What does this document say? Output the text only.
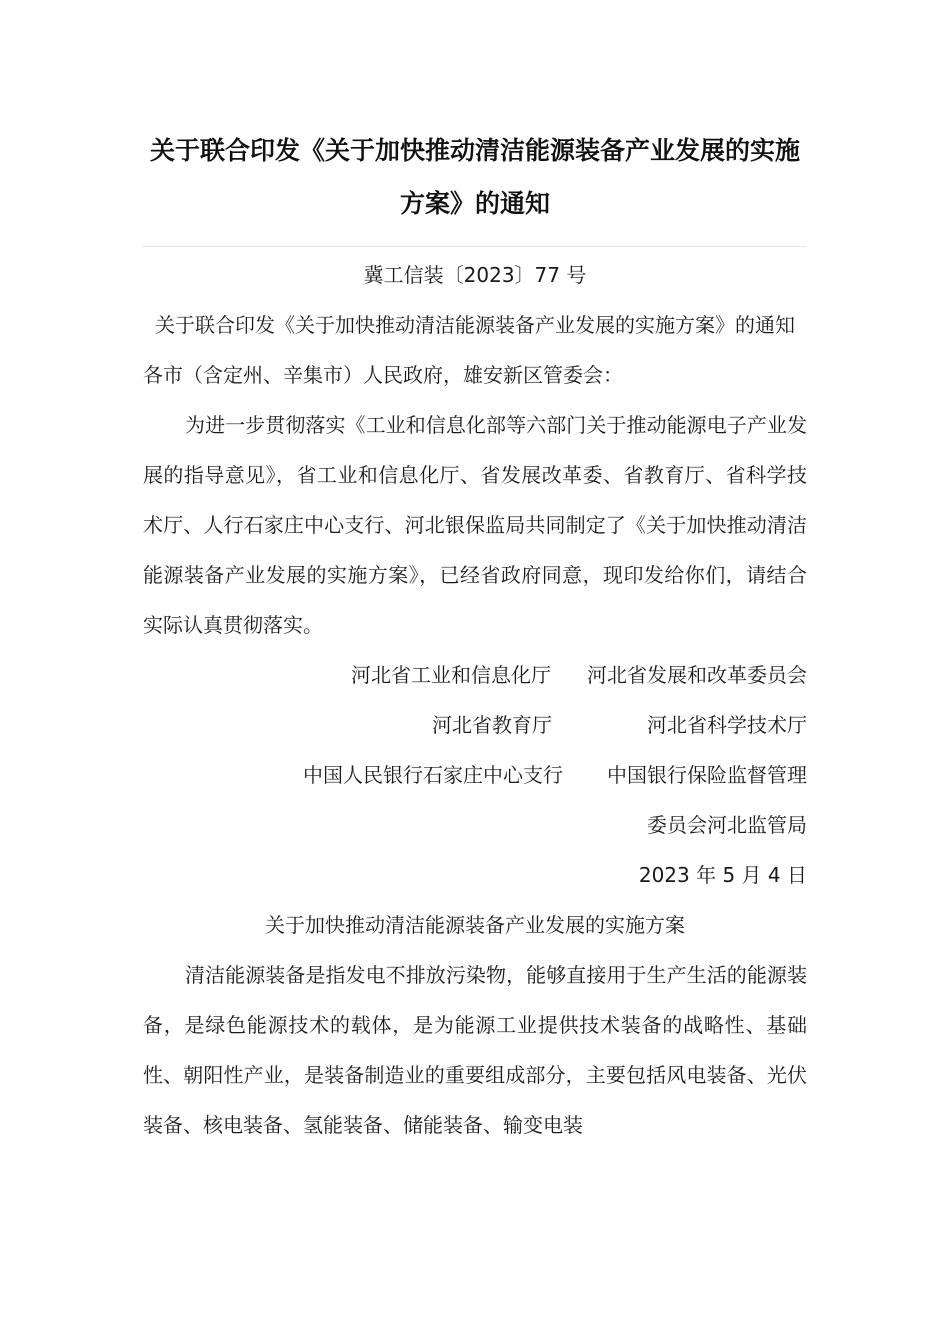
关于联合印发《关于加快推动清洁能源装备产业发展的实施方案》的通知

冀工信装〔2023〕77 号

关于联合印发《关于加快推动清洁能源装备产业发展的实施方案》的通知

各市（含定州、辛集市）人民政府，雄安新区管委会：

为进一步贯彻落实《工业和信息化部等六部门关于推动能源电子产业发展的指导意见》，省工业和信息化厅、省发展改革委、省教育厅、省科学技术厅、人行石家庄中心支行、河北银保监局共同制定了《关于加快推动清洁能源装备产业发展的实施方案》，已经省政府同意，现印发给你们，请结合实际认真贯彻落实。

河北省工业和信息化厅 河北省发展和改革委员会

河北省教育厅	河北省科学技术厅

中国人民银行石家庄中心支行 中国银行保险监督管理

委员会河北监管局

2023 年 5 月 4 日

关于加快推动清洁能源装备产业发展的实施方案

清洁能源装备是指发电不排放污染物，能够直接用于生产生活的能源装备，是绿色能源技术的载体，是为能源工业提供技术装备的战略性、基础性、朝阳性产业，是装备制造业的重要组成部分，主要包括风电装备、光伏装备、核电装备、氢能装备、储能装备、输变电装
